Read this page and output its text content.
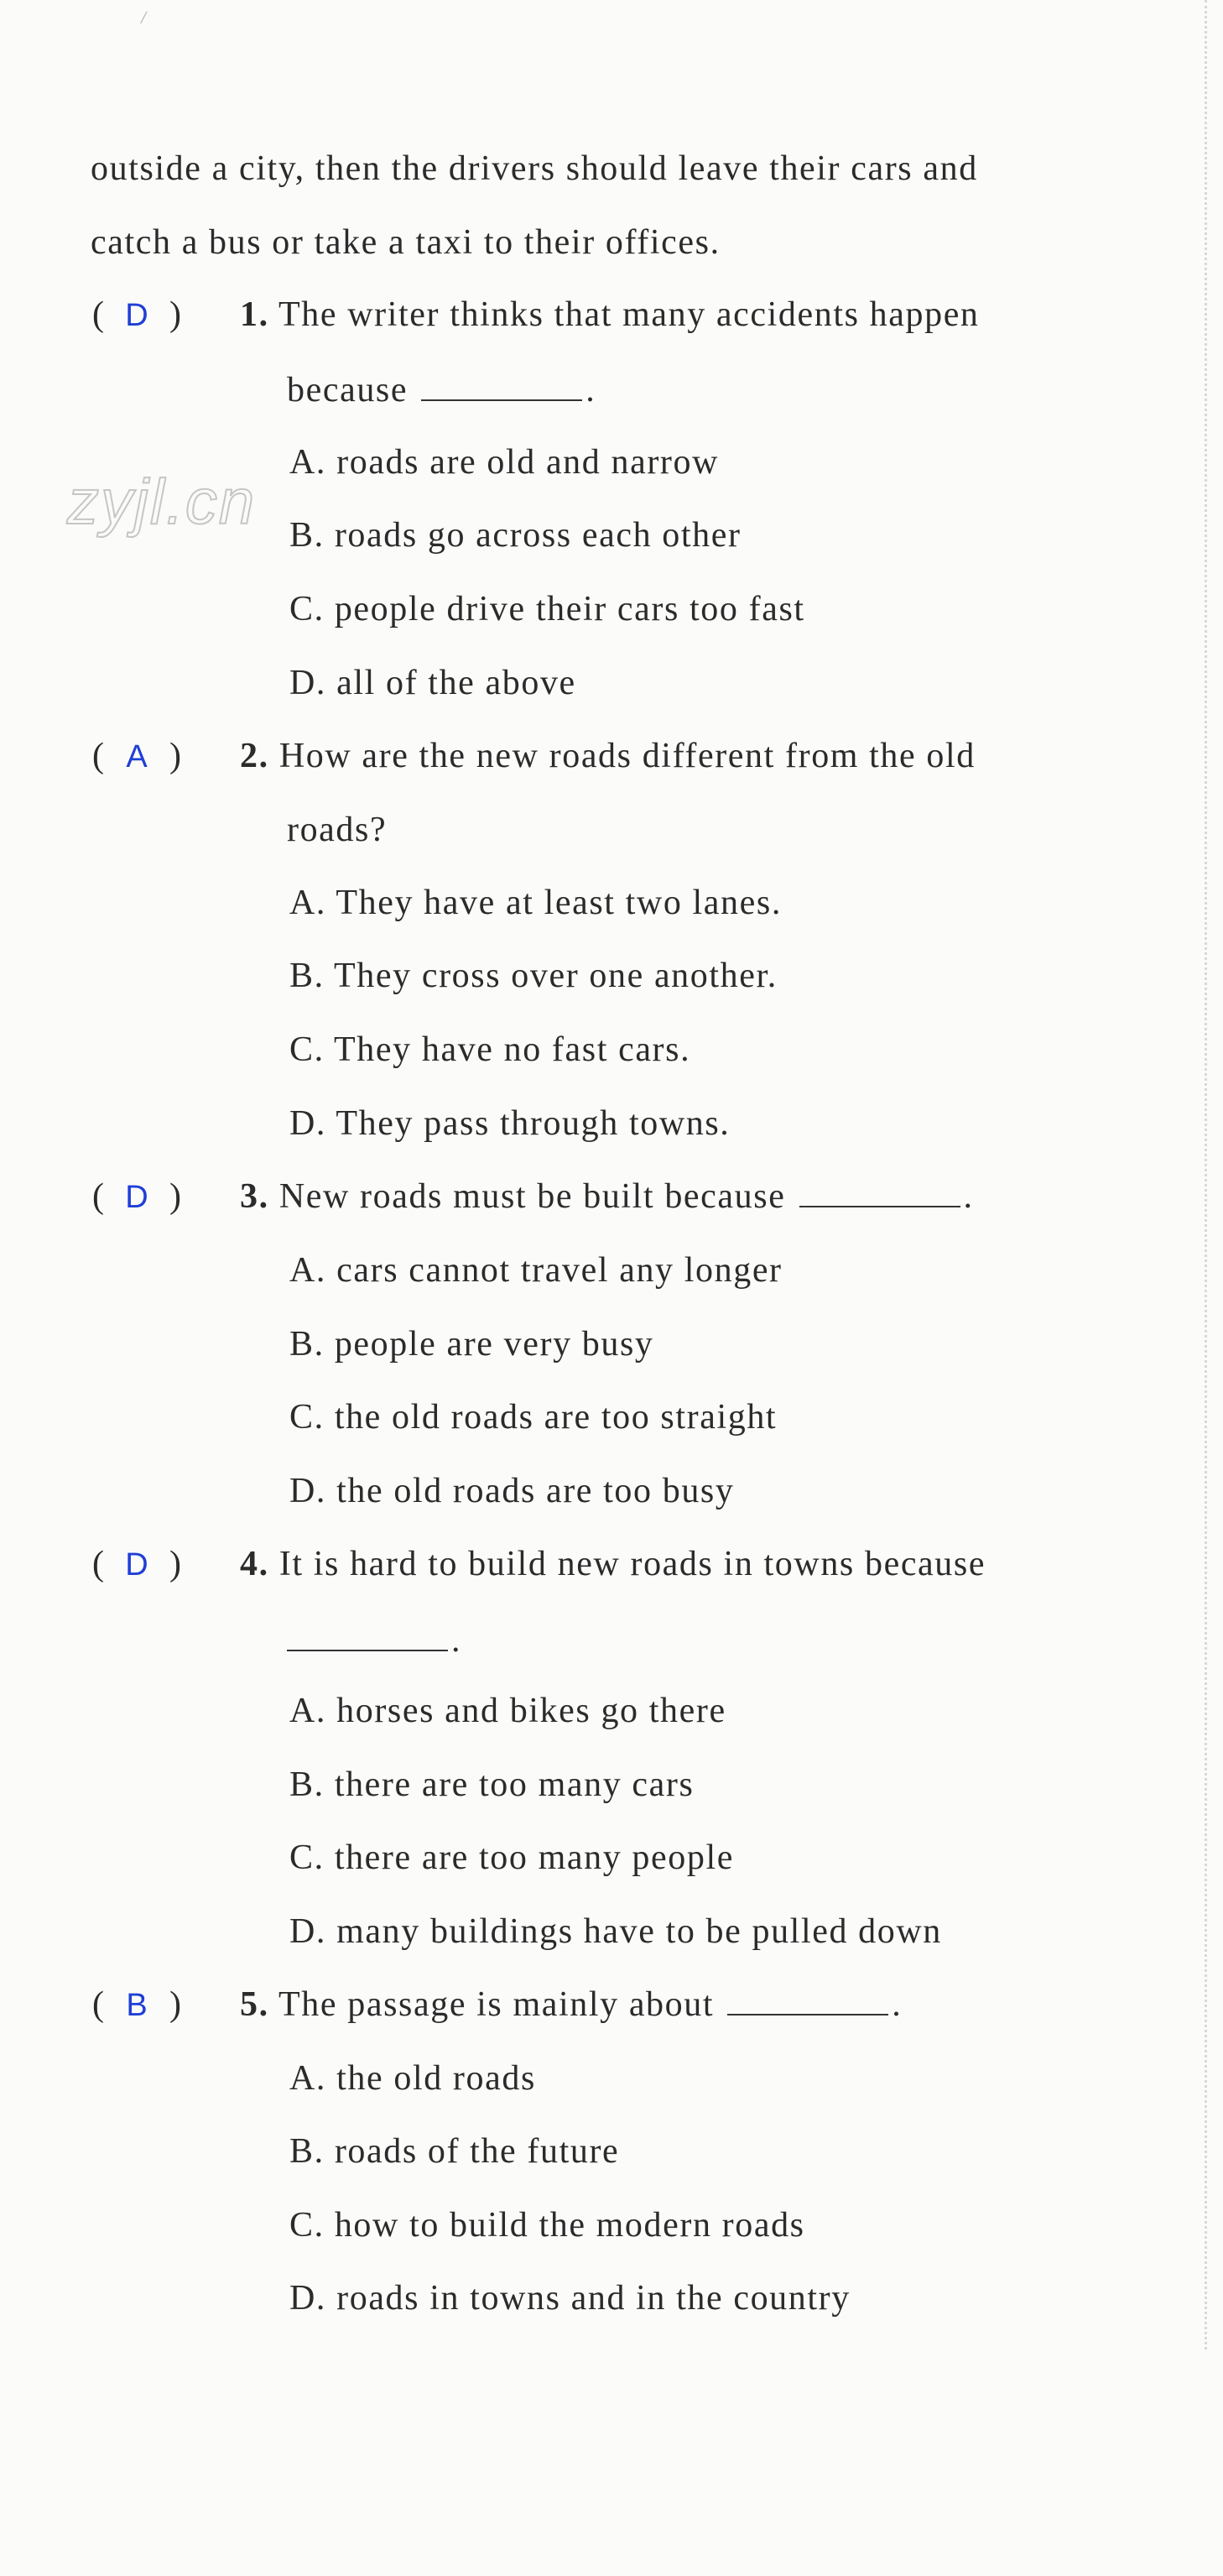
/
zyjl.cn
outside a city, then the drivers should leave their cars and
catch a bus or take a taxi to their offices.
( D ) 1. The writer thinks that many accidents happen
because	.
A. roads are old and narrow
B. roads go across each other
C. people drive their cars too fast
D. all of the above
( A ) 2. How are the new roads different from the old
roads?
A. They have at least two lanes.
B. They cross over one another.
C. They have no fast cars.
D. They pass through towns.
( D ) 3. New roads must be built because	.
A. cars cannot travel any longer
B. people are very busy
C. the old roads are too straight
D. the old roads are too busy
( D ) 4. It is hard to build new roads in towns because
.
A. horses and bikes go there
B. there are too many cars
C. there are too many people
D. many buildings have to be pulled down
( B ) 5. The passage is mainly about	.
A. the old roads
B. roads of the future
C. how to build the modern roads
D. roads in towns and in the country
